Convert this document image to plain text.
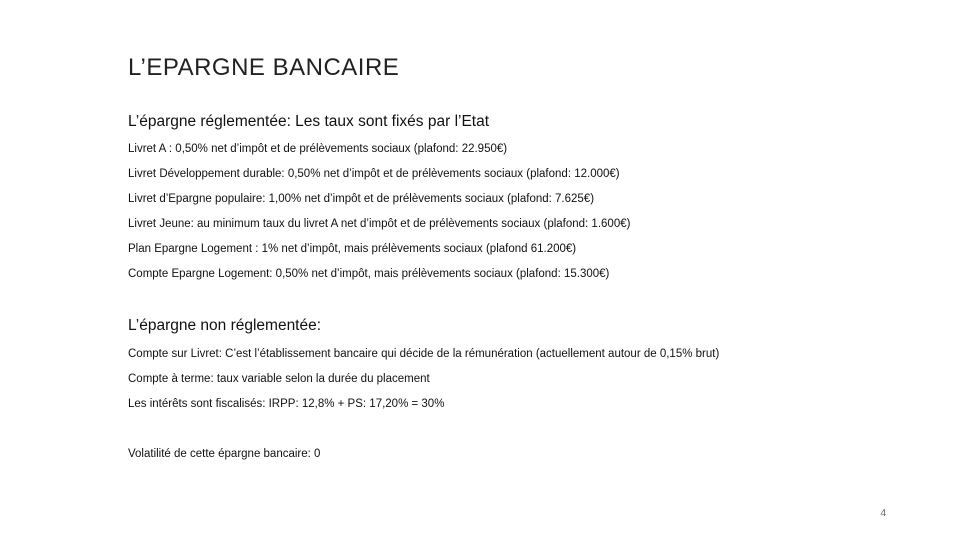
L’EPARGNE BANCAIRE
L’épargne réglementée: Les taux sont fixés par l’Etat
Livret A : 0,50% net d’impôt et de prélèvements sociaux (plafond: 22.950€)
Livret Développement durable: 0,50% net d’impôt et de prélèvements sociaux (plafond: 12.000€)
Livret d’Epargne populaire: 1,00% net d’impôt et de prélèvements sociaux (plafond: 7.625€)
Livret Jeune: au minimum taux du livret A net d’impôt et de prélèvements sociaux (plafond: 1.600€)
Plan Epargne Logement : 1% net d’impôt, mais prélèvements sociaux (plafond 61.200€)
Compte Epargne Logement: 0,50% net d’impôt, mais prélèvements sociaux (plafond: 15.300€)
L’épargne non réglementée:
Compte sur Livret: C’est l’établissement bancaire qui décide de la rémunération (actuellement autour de 0,15% brut)
Compte à terme: taux variable selon la durée du placement
Les intérêts sont fiscalisés: IRPP: 12,8% + PS: 17,20% = 30%
Volatilité de cette épargne bancaire: 0
4
